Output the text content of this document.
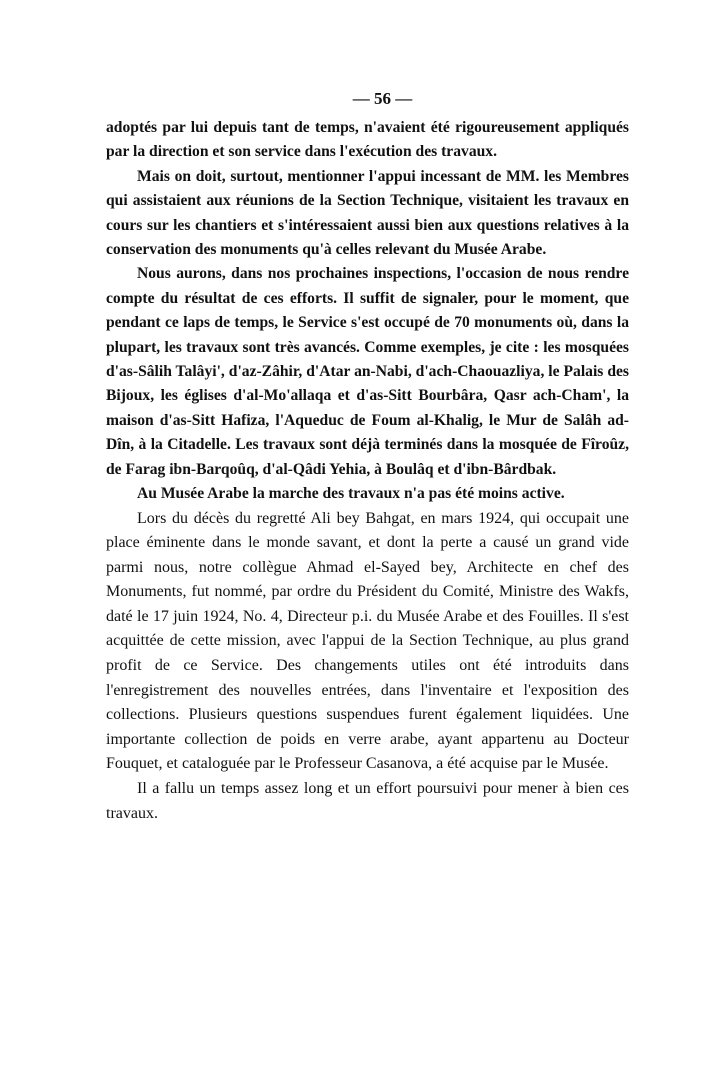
— 56 —

adoptés par lui depuis tant de temps, n'avaient été rigoureusement appliqués par la direction et son service dans l'exécution des travaux.

Mais on doit, surtout, mentionner l'appui incessant de MM. les Membres qui assistaient aux réunions de la Section Technique, visitaient les travaux en cours sur les chantiers et s'intéressaient aussi bien aux questions relatives à la conservation des monuments qu'à celles relevant du Musée Arabe.

Nous aurons, dans nos prochaines inspections, l'occasion de nous rendre compte du résultat de ces efforts. Il suffit de signaler, pour le moment, que pendant ce laps de temps, le Service s'est occupé de 70 monuments où, dans la plupart, les travaux sont très avancés. Comme exemples, je cite : les mosquées d'as-Sâlih Talâyi', d'az-Zâhir, d'Atar an-Nabi, d'ach-Chaouazliya, le Palais des Bijoux, les églises d'al-Mo'allaqa et d'as-Sitt Bourbâra, Qasr ach-Cham', la maison d'as-Sitt Hafiza, l'Aqueduc de Foum al-Khalig, le Mur de Salâh ad-Dîn, à la Citadelle. Les travaux sont déjà terminés dans la mosquée de Fîroûz, de Farag ibn-Barqoûq, d'al-Qâdi Yehia, à Boulâq et d'ibn-Bârdbak.

Au Musée Arabe la marche des travaux n'a pas été moins active.

Lors du décès du regretté Ali bey Bahgat, en mars 1924, qui occupait une place éminente dans le monde savant, et dont la perte a causé un grand vide parmi nous, notre collègue Ahmad el-Sayed bey, Architecte en chef des Monuments, fut nommé, par ordre du Président du Comité, Ministre des Wakfs, daté le 17 juin 1924, No. 4, Directeur p.i. du Musée Arabe et des Fouilles. Il s'est acquittée de cette mission, avec l'appui de la Section Technique, au plus grand profit de ce Service. Des changements utiles ont été introduits dans l'enregistrement des nouvelles entrées, dans l'inventaire et l'exposition des collections. Plusieurs questions suspendues furent également liquidées. Une importante collection de poids en verre arabe, ayant appartenu au Docteur Fouquet, et cataloguée par le Professeur Casanova, a été acquise par le Musée.

Il a fallu un temps assez long et un effort poursuivi pour mener à bien ces travaux.
